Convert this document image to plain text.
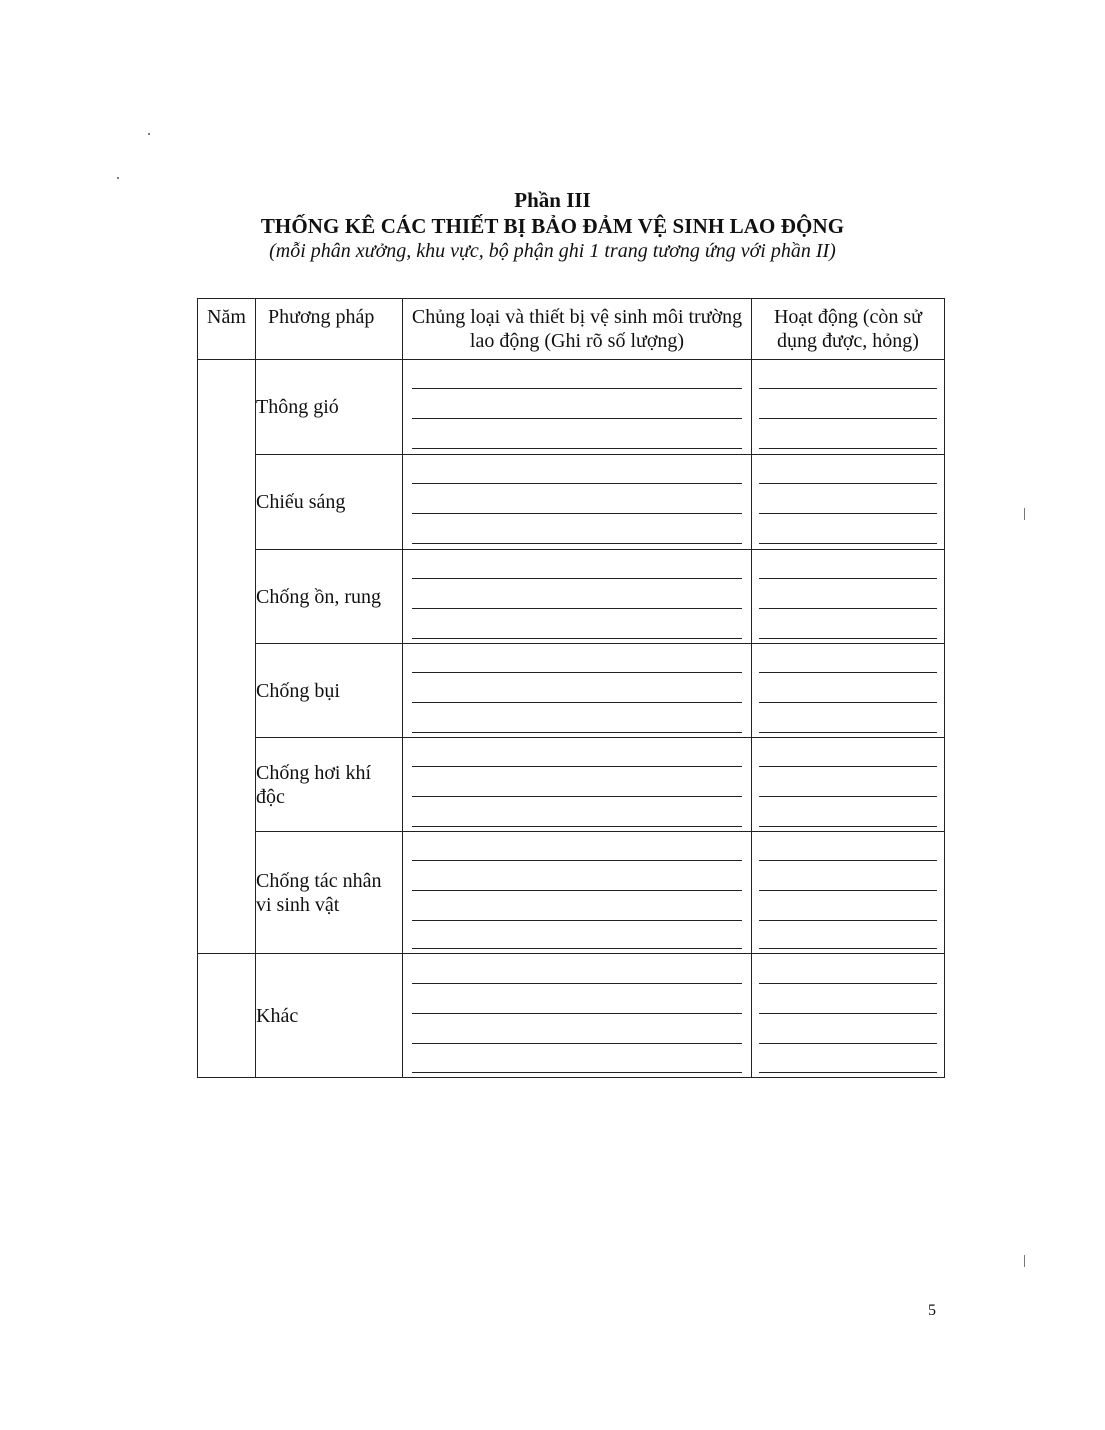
Phần III
THỐNG KÊ CÁC THIẾT BỊ BẢO ĐẢM VỆ SINH LAO ĐỘNG
(mỗi phân xưởng, khu vực, bộ phận ghi 1 trang tương ứng với phần II)
Năm	Phương pháp	Chủng loại và thiết bị vệ sinh môi trường lao động (Ghi rõ số lượng)	Hoạt động (còn sử dụng được, hỏng)
	Thông gió	

	Chiếu sáng	

	Chống ồn, rung	

	Chống bụi	

	Chống hơi khí độc	

	Chống tác nhân vi sinh vật	

	Khác	

5
